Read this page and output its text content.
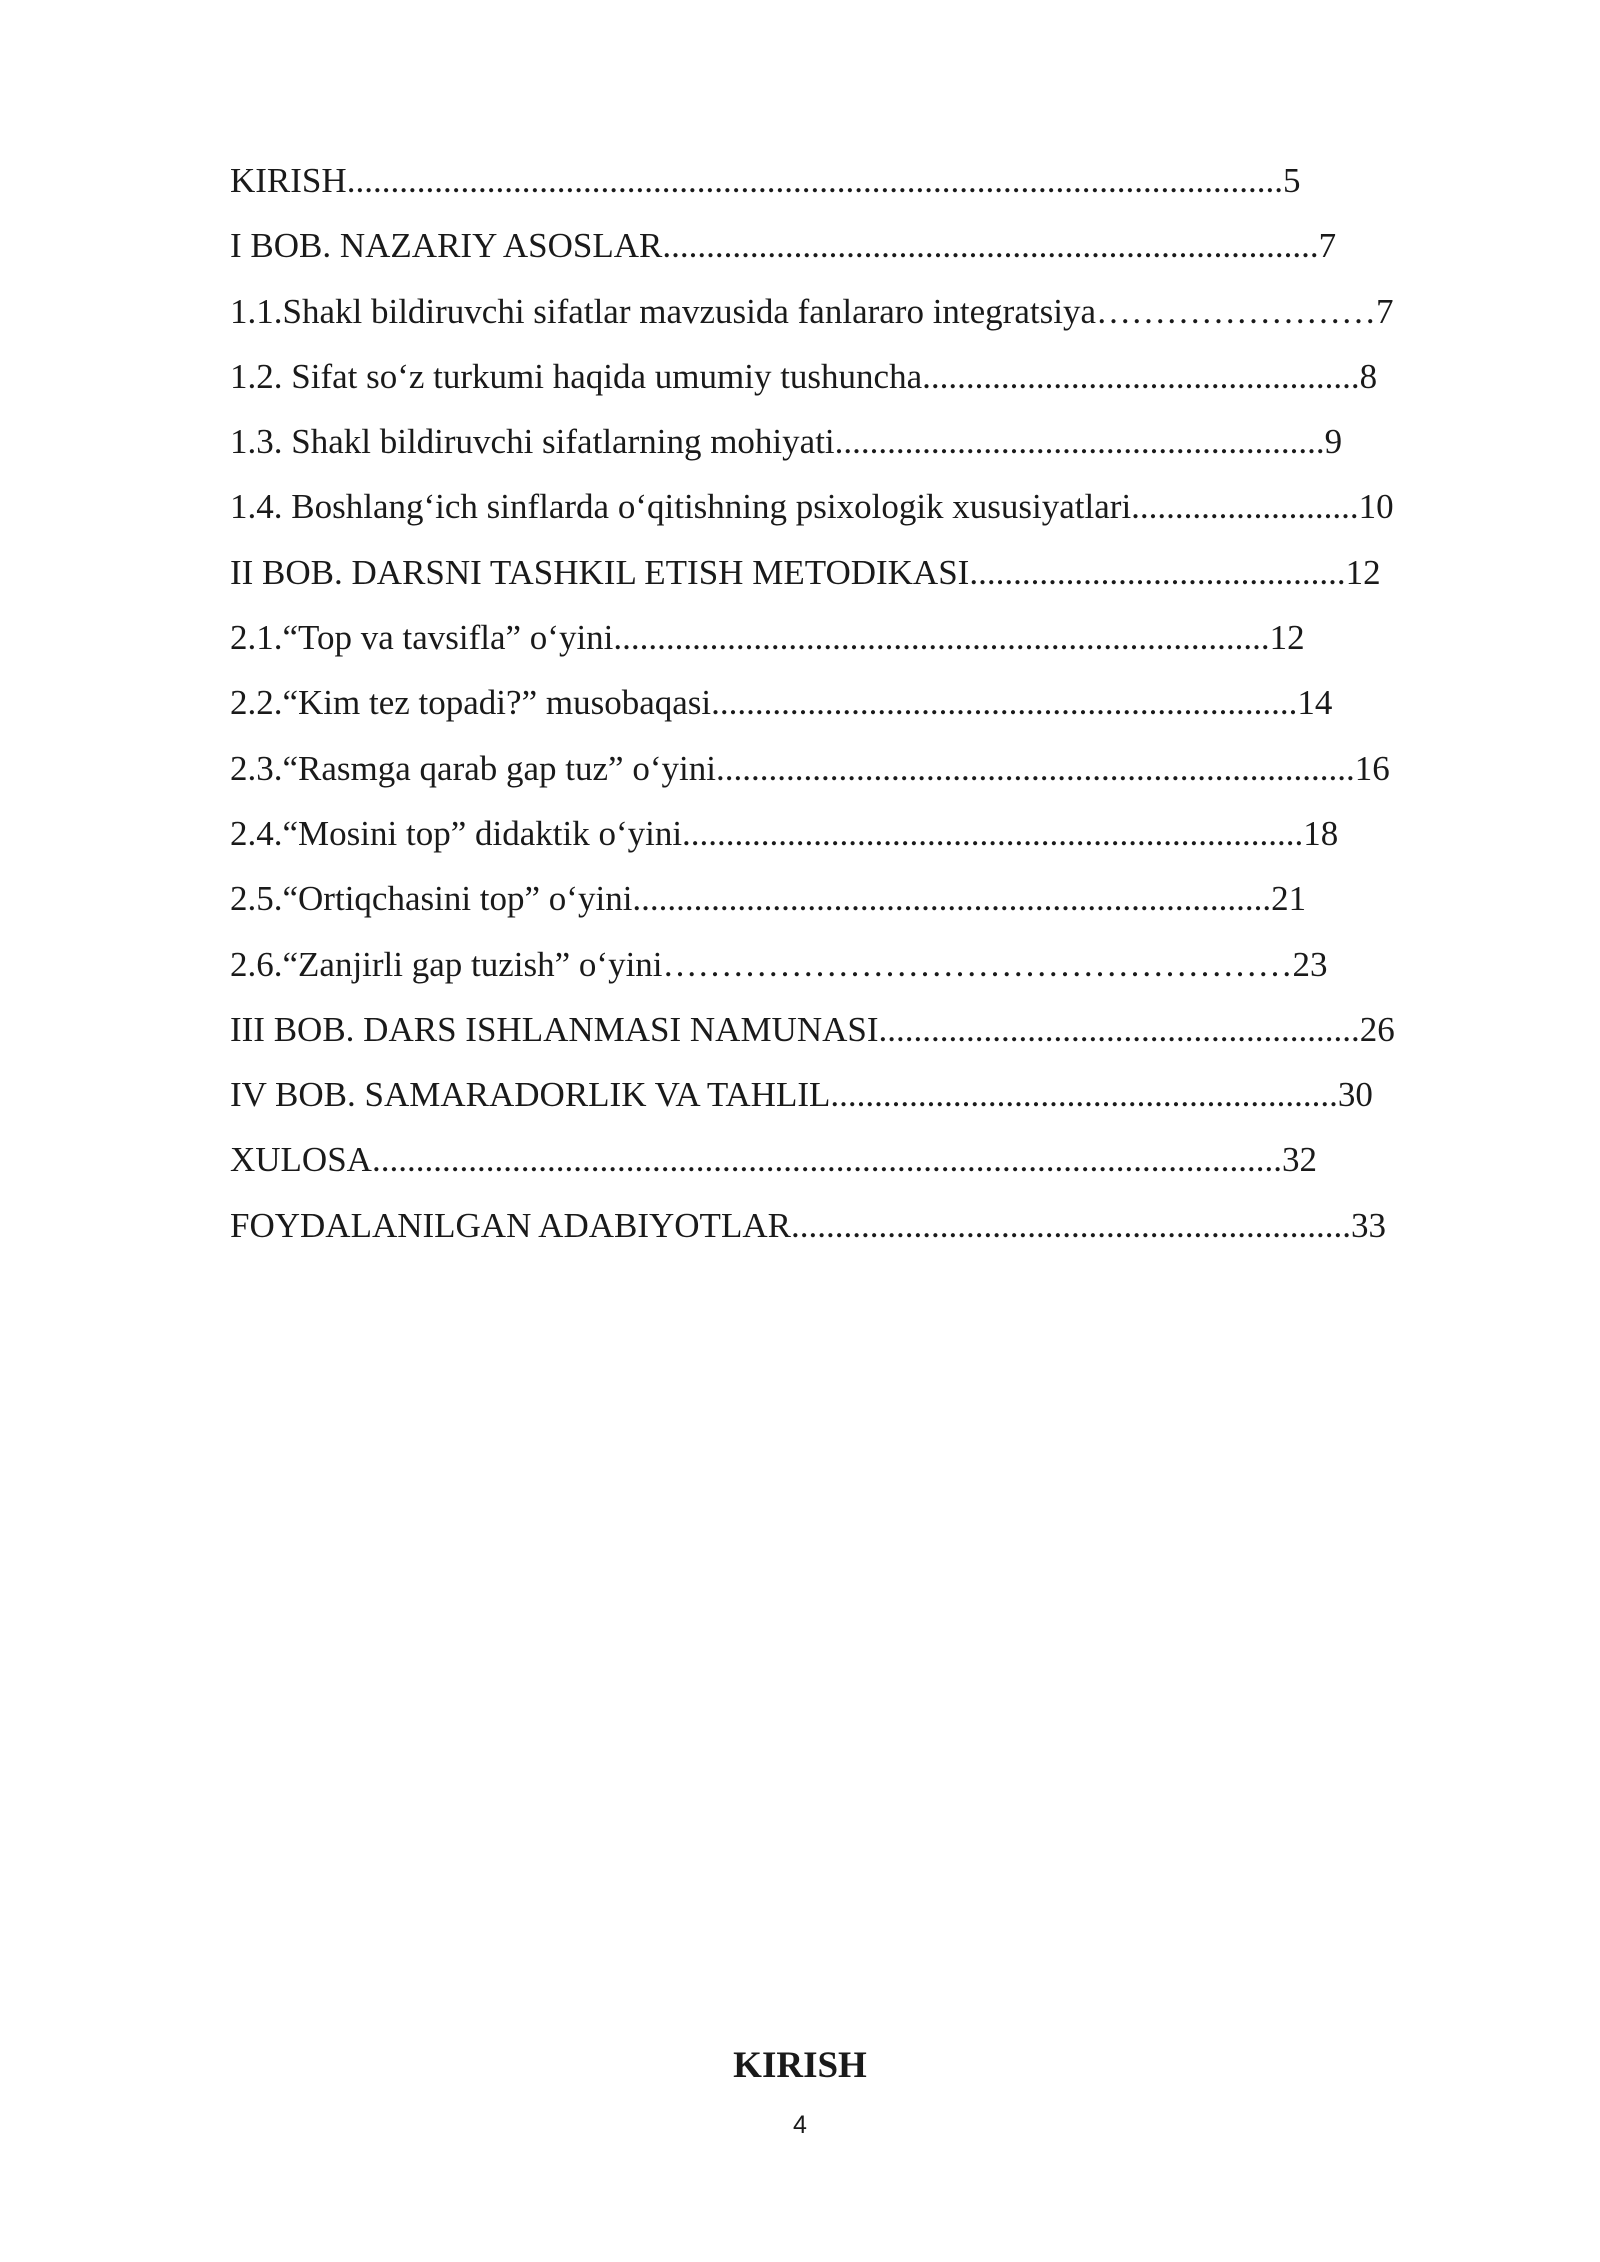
KIRISH...........................................................................................................5
I BOB. NAZARIY ASOSLAR...........................................................................7
1.1.Shakl bildiruvchi sifatlar mavzusida fanlararo integratsiya……………………7
1.2. Sifat so‘z turkumi haqida umumiy tushuncha..................................................8
1.3. Shakl bildiruvchi sifatlarning mohiyati........................................................9
1.4. Boshlang‘ich sinflarda o‘qitishning psixologik xususiyatlari..........................10
II BOB. DARSNI TASHKIL ETISH METODIKASI...........................................12
2.1.“Top va tavsifla” o‘yini...........................................................................12
2.2.“Kim tez topadi?” musobaqasi...................................................................14
2.3.“Rasmga qarab gap tuz” o‘yini.........................................................................16
2.4.“Mosini top” didaktik o‘yini.......................................................................18
2.5.“Ortiqchasini top” o‘yini.........................................................................21
2.6.“Zanjirli gap tuzish” o‘yini………………………………………………23
III BOB. DARS ISHLANMASI NAMUNASI.......................................................26
IV BOB. SAMARADORLIK VA TAHLIL..........................................................30
XULOSA........................................................................................................32
FOYDALANILGAN ADABIYOTLAR................................................................33
KIRISH
4
